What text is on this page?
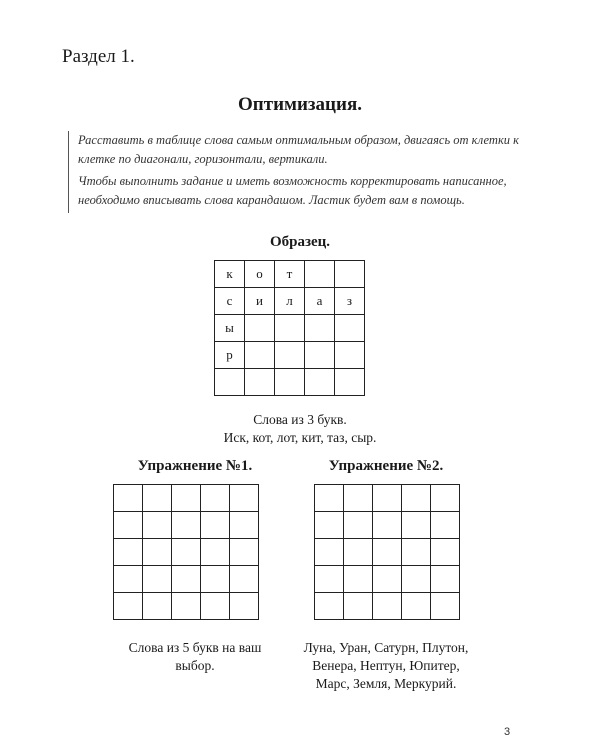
Раздел 1.
Оптимизация.

Расставить в таблице слова самым оптимальным образом, двигаясь от клетки к клетке по диагонали, горизонтали, вертикали.

Чтобы выполнить задание и иметь возможность корректировать написанное, необходимо вписывать слова карандашом. Ластик будет вам в помощь.

Образец.
к	о	т		
с	и	л	а	з
ы				
р				

Слова из 3 букв.
Иск, кот, лот, кит, таз, сыр.
Упражнение №1.

Слова из 5 букв на ваш
выбор.
Упражнение №2.

Луна, Уран, Сатурн, Плутон,
Венера, Нептун, Юпитер,
Марс, Земля, Меркурий.
3
